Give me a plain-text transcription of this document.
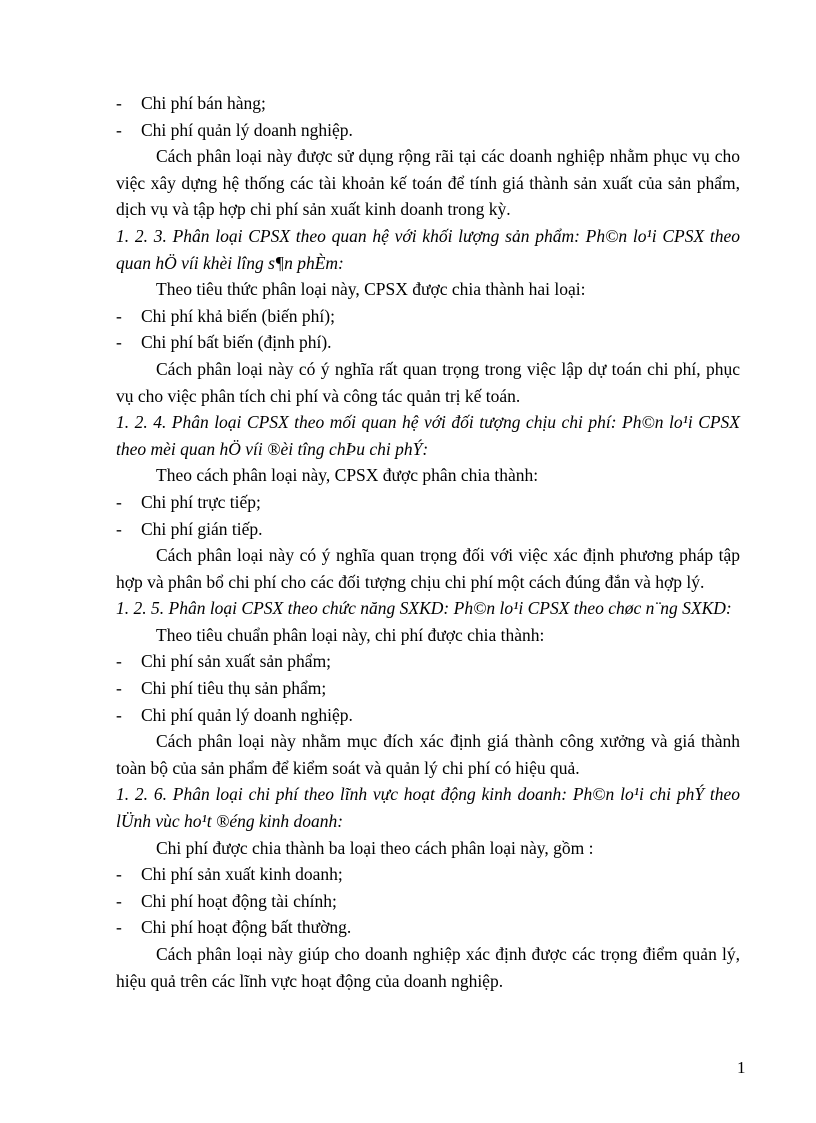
-	Chi phí bán hàng;
-	Chi phí quản lý doanh nghiệp.
Cách phân loại này được sử dụng rộng rãi tại các doanh nghiệp nhằm phục vụ cho việc xây dựng hệ thống các tài khoản kế toán để tính giá thành sản xuất của sản phẩm, dịch vụ và tập hợp chi phí sản xuất kinh doanh trong kỳ.
1. 2. 3. Phân loại CPSX theo quan hệ với khối lượng sản phẩm: Ph©n lo¹i CPSX theo quan hÖ víi khèi lîng s¶n phÈm:
Theo tiêu thức phân loại này, CPSX được chia thành hai loại:
-	Chi phí khả biến (biến phí);
-	Chi phí bất biến (định phí).
Cách phân loại này có ý nghĩa rất quan trọng trong việc lập dự toán chi phí, phục vụ cho việc phân tích chi phí và công tác quản trị kế toán.
1. 2. 4. Phân loại CPSX theo mối quan hệ với đối tượng chịu chi phí: Ph©n lo¹i CPSX theo mèi quan hÖ víi ®èi tîng chÞu chi phÝ:
Theo cách phân loại này, CPSX được phân chia thành:
-	Chi phí trực tiếp;
-	Chi phí gián tiếp.
Cách phân loại này có ý nghĩa quan trọng đối với việc xác định phương pháp tập hợp và phân bổ chi phí cho các đối tượng chịu chi phí một cách đúng đắn và hợp lý.
1. 2. 5. Phân loại CPSX theo chức năng SXKD: Ph©n lo¹i CPSX theo chøc n¨ng SXKD:
Theo tiêu chuẩn phân loại này, chi phí được chia thành:
-	Chi phí sản xuất sản phẩm;
-	Chi phí tiêu thụ sản phẩm;
-	Chi phí quản lý doanh nghiệp.
Cách phân loại này nhằm mục đích xác định giá thành công xưởng và giá thành toàn bộ của sản phẩm để kiểm soát và quản lý chi phí có hiệu quả.
1. 2. 6. Phân loại chi phí theo lĩnh vực hoạt động kinh doanh: Ph©n lo¹i chi phÝ theo lÜnh vùc ho¹t ®éng kinh doanh:
Chi phí được chia thành ba loại theo cách phân loại này, gồm :
-	Chi phí sản xuất kinh doanh;
-	Chi phí hoạt động tài chính;
-	Chi phí hoạt động bất thường.
Cách phân loại này giúp cho doanh nghiệp xác định được các trọng điểm quản lý, hiệu quả trên các lĩnh vực hoạt động của doanh nghiệp.
1
